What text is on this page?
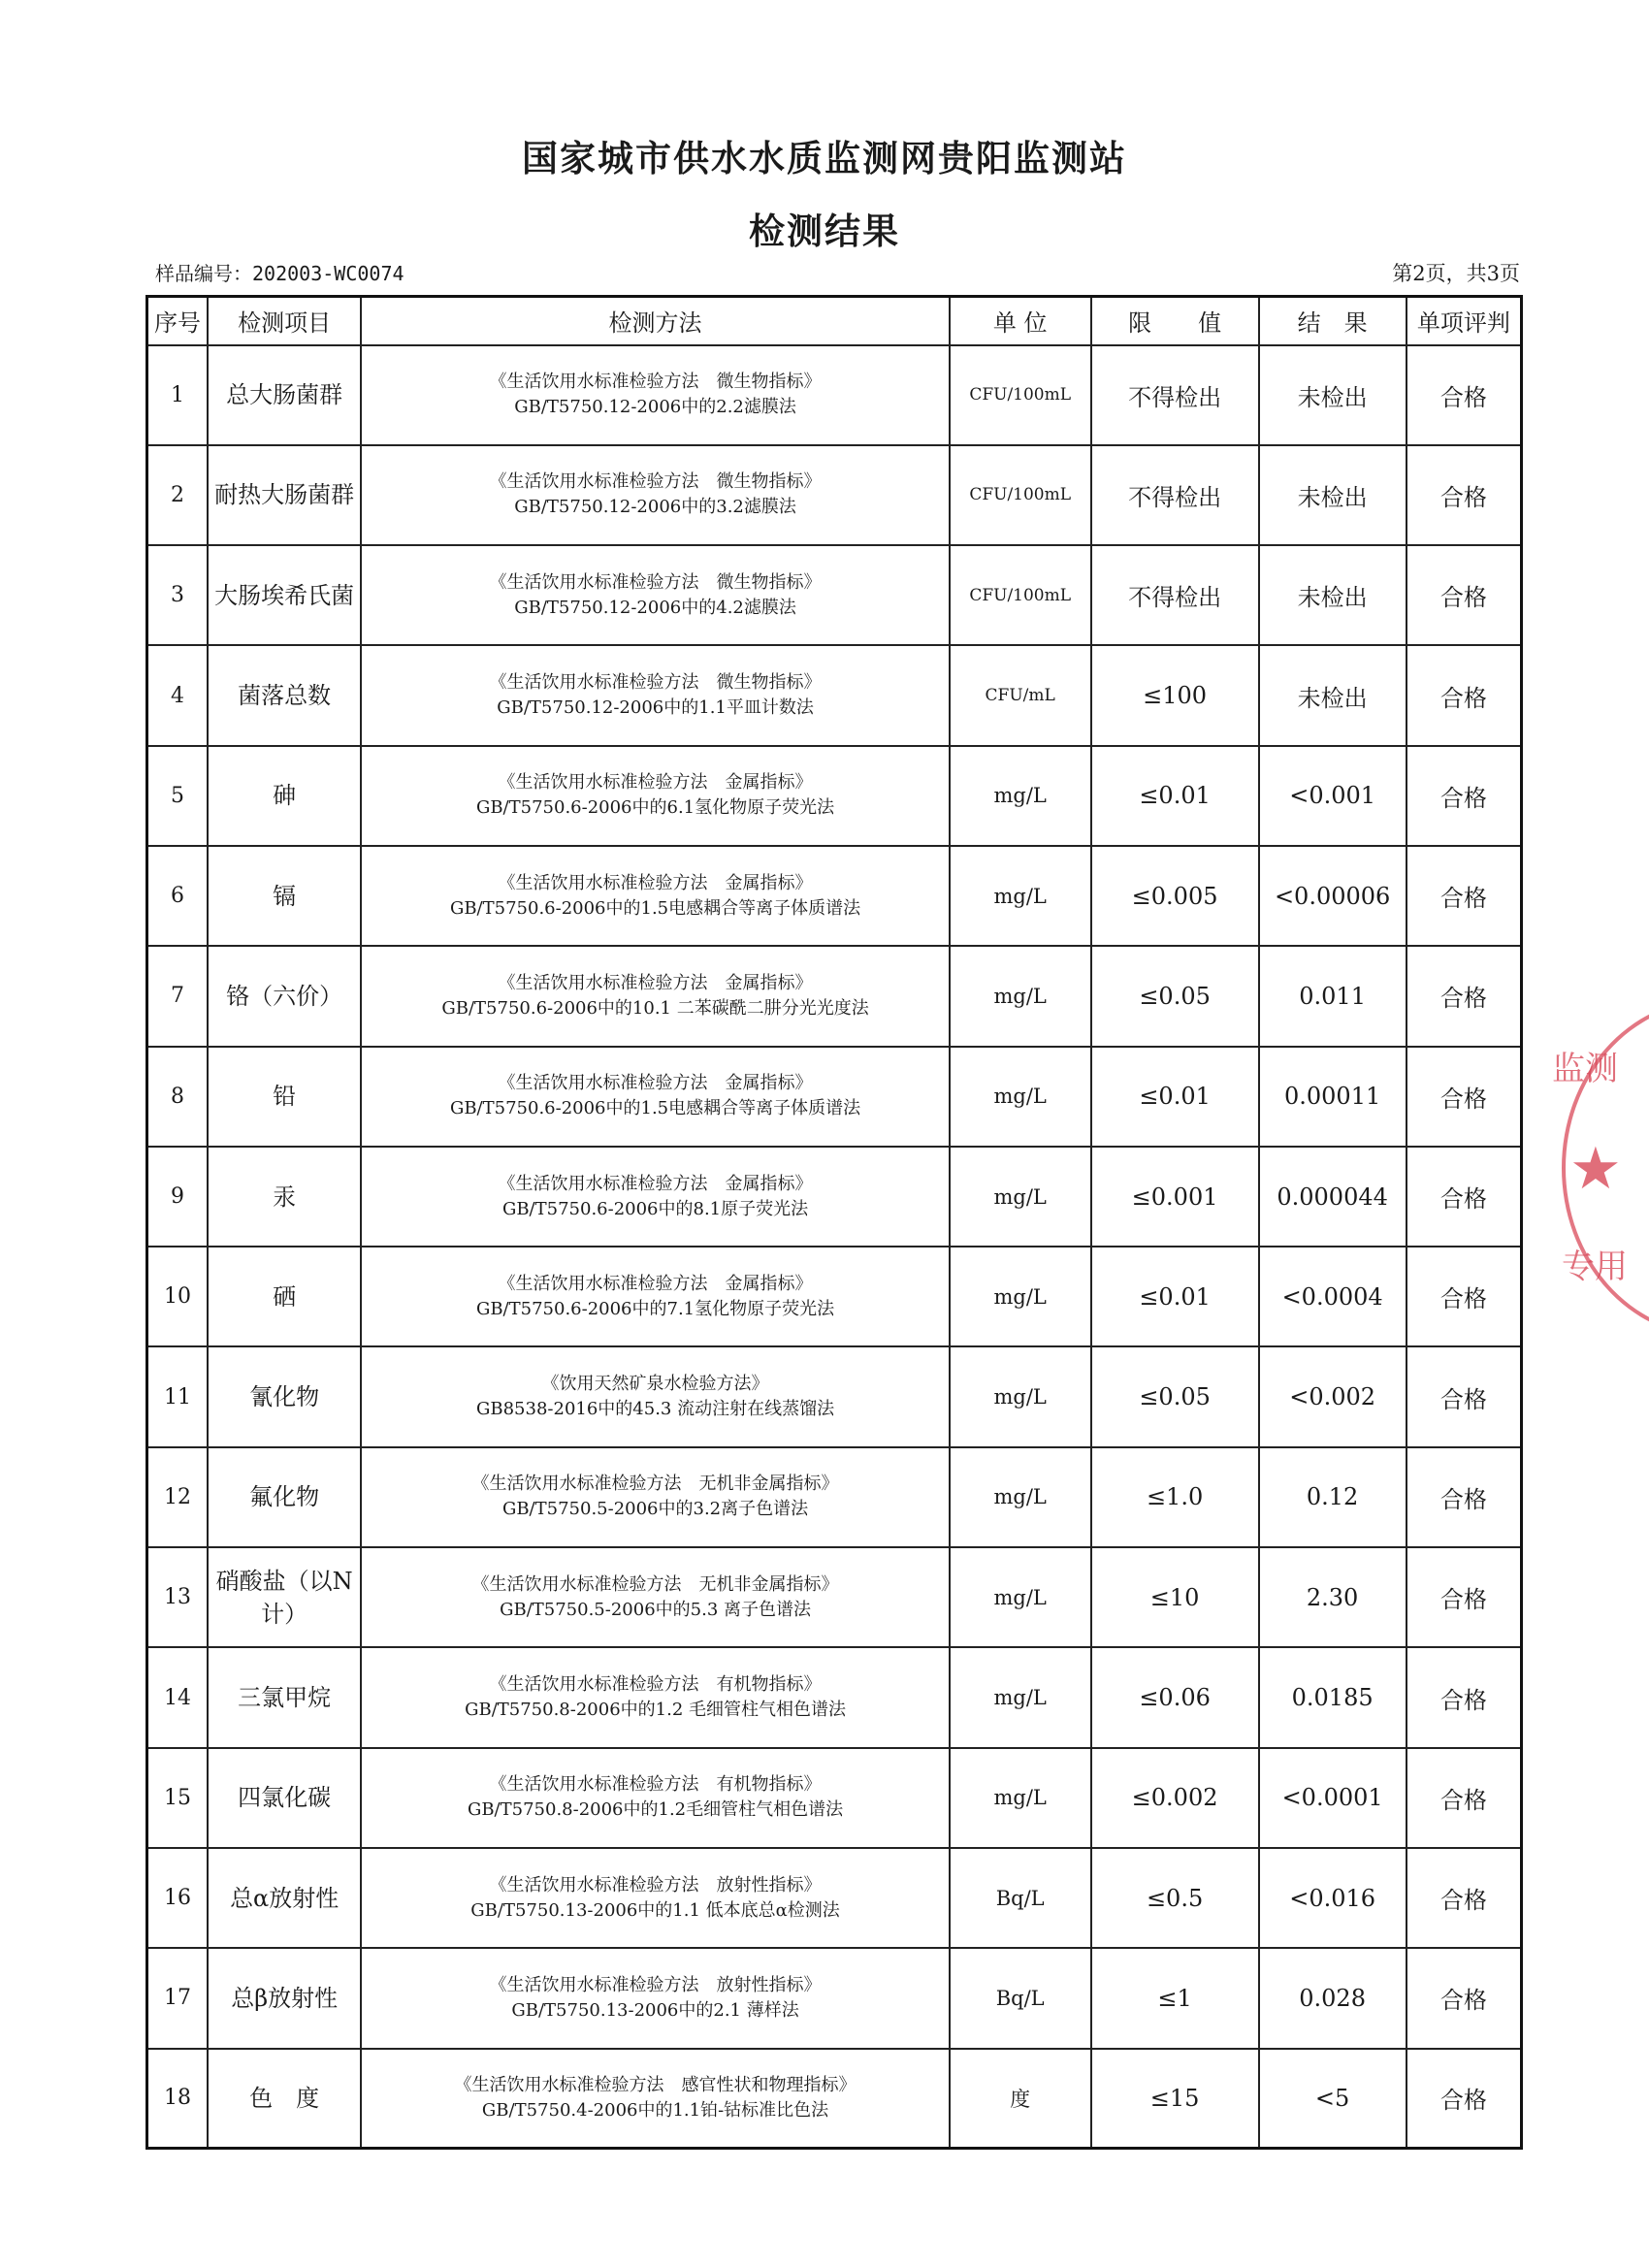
国家城市供水水质监测网贵阳监测站
检测结果
样品编号：202003-WC0074	第2页，共3页
序号	检测项目	检测方法	单 位	限　　值	结　果	单项评判
1	总大肠菌群	《生活饮用水标准检验方法　微生物指标》
GB/T5750.12-2006中的2.2滤膜法	CFU/100mL	不得检出	未检出	合格
2	耐热大肠菌群	《生活饮用水标准检验方法　微生物指标》
GB/T5750.12-2006中的3.2滤膜法	CFU/100mL	不得检出	未检出	合格
3	大肠埃希氏菌	《生活饮用水标准检验方法　微生物指标》
GB/T5750.12-2006中的4.2滤膜法	CFU/100mL	不得检出	未检出	合格
4	菌落总数	《生活饮用水标准检验方法　微生物指标》
GB/T5750.12-2006中的1.1平皿计数法	CFU/mL	≤100	未检出	合格
5	砷	《生活饮用水标准检验方法　金属指标》
GB/T5750.6-2006中的6.1氢化物原子荧光法	mg/L	≤0.01	<0.001	合格
6	镉	《生活饮用水标准检验方法　金属指标》
GB/T5750.6-2006中的1.5电感耦合等离子体质谱法	mg/L	≤0.005	<0.00006	合格
7	铬（六价）	《生活饮用水标准检验方法　金属指标》
GB/T5750.6-2006中的10.1 二苯碳酰二肼分光光度法	mg/L	≤0.05	0.011	合格
8	铅	《生活饮用水标准检验方法　金属指标》
GB/T5750.6-2006中的1.5电感耦合等离子体质谱法	mg/L	≤0.01	0.00011	合格
9	汞	《生活饮用水标准检验方法　金属指标》
GB/T5750.6-2006中的8.1原子荧光法	mg/L	≤0.001	0.000044	合格
10	硒	《生活饮用水标准检验方法　金属指标》
GB/T5750.6-2006中的7.1氢化物原子荧光法	mg/L	≤0.01	<0.0004	合格
11	氰化物	《饮用天然矿泉水检验方法》
GB8538-2016中的45.3 流动注射在线蒸馏法	mg/L	≤0.05	<0.002	合格
12	氟化物	《生活饮用水标准检验方法　无机非金属指标》
GB/T5750.5-2006中的3.2离子色谱法	mg/L	≤1.0	0.12	合格
13	硝酸盐（以N计）	《生活饮用水标准检验方法　无机非金属指标》
GB/T5750.5-2006中的5.3 离子色谱法	mg/L	≤10	2.30	合格
14	三氯甲烷	《生活饮用水标准检验方法　有机物指标》
GB/T5750.8-2006中的1.2 毛细管柱气相色谱法	mg/L	≤0.06	0.0185	合格
15	四氯化碳	《生活饮用水标准检验方法　有机物指标》
GB/T5750.8-2006中的1.2毛细管柱气相色谱法	mg/L	≤0.002	<0.0001	合格
16	总α放射性	《生活饮用水标准检验方法　放射性指标》
GB/T5750.13-2006中的1.1 低本底总α检测法	Bq/L	≤0.5	<0.016	合格
17	总β放射性	《生活饮用水标准检验方法　放射性指标》
GB/T5750.13-2006中的2.1 薄样法	Bq/L	≤1	0.028	合格
18	色　度	《生活饮用水标准检验方法　感官性状和物理指标》
GB/T5750.4-2006中的1.1铂-钴标准比色法	度	≤15	<5	合格
监测
★
专用
